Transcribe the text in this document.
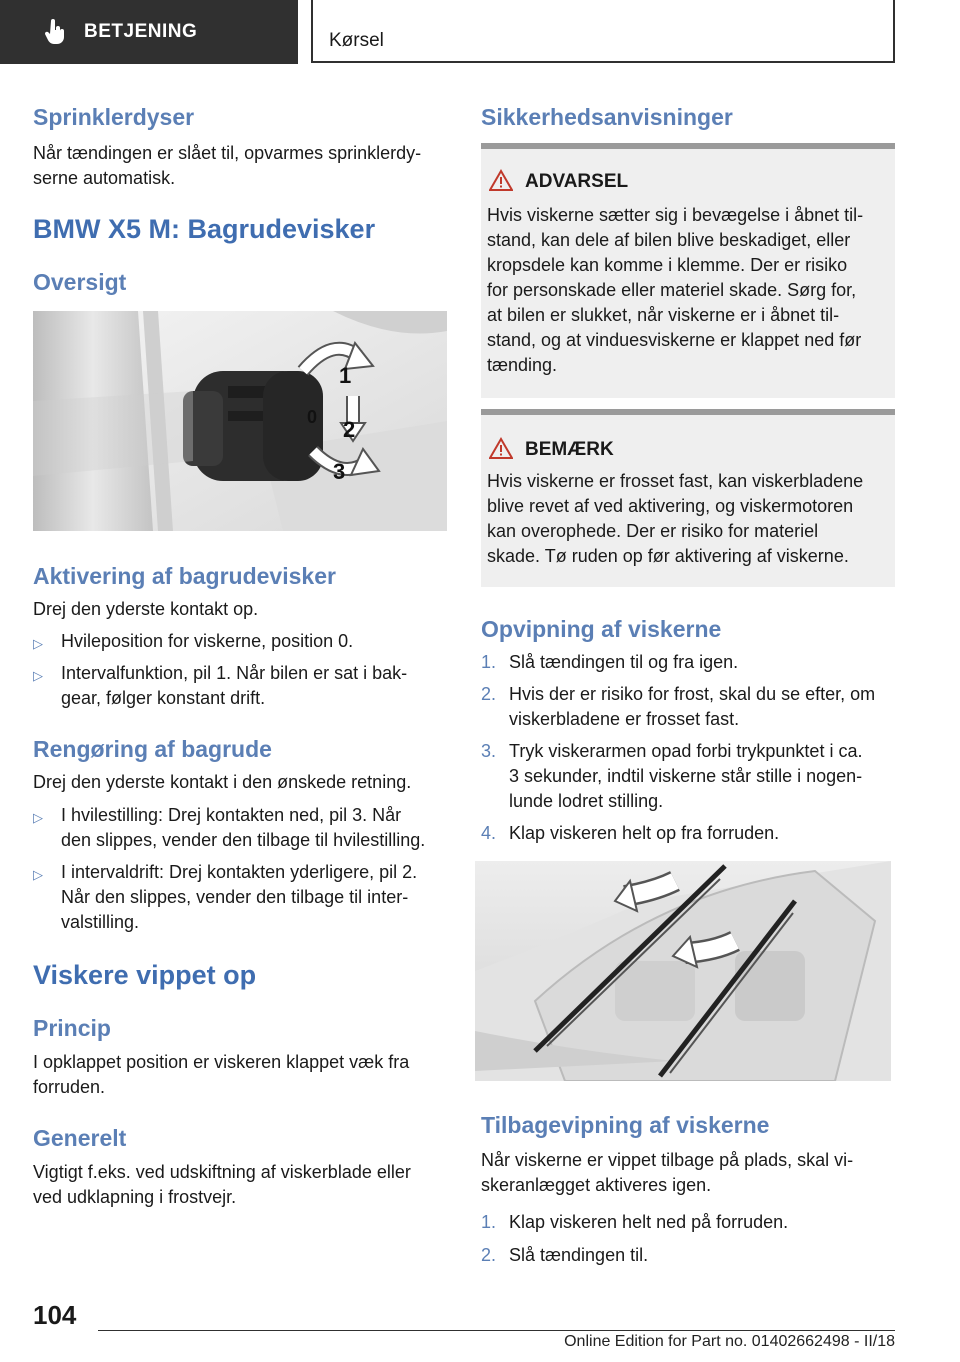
BETJENING	Kørsel
Sprinklerdyser
Når tændingen er slået til, opvarmes sprinklerdy-
serne automatisk.
BMW X5 M: Bagrudevisker
Oversigt
1
0 2
3
Aktivering af bagrudevisker
Drej den yderste kontakt op.
▷ Hvileposition for viskerne, position 0.
▷ Intervalfunktion, pil 1. Når bilen er sat i bak-
gear, følger konstant drift.
Rengøring af bagrude
Drej den yderste kontakt i den ønskede retning.
▷ I hvilestilling: Drej kontakten ned, pil 3. Når
den slippes, vender den tilbage til hvilestilling.
▷ I intervaldrift: Drej kontakten yderligere, pil 2.
Når den slippes, vender den tilbage til inter-
valstilling.
Viskere vippet op
Princip
I opklappet position er viskeren klappet væk fra
forruden.
Generelt
Vigtigt f.eks. ved udskiftning af viskerblade eller
ved udklapning i frostvejr.
Sikkerhedsanvisninger
ADVARSEL
Hvis viskerne sætter sig i bevægelse i åbnet til-
stand, kan dele af bilen blive beskadiget, eller
kropsdele kan komme i klemme. Der er risiko
for personskade eller materiel skade. Sørg for,
at bilen er slukket, når viskerne er i åbnet til-
stand, og at vinduesviskerne er klappet ned før
tænding.
BEMÆRK
Hvis viskerne er frosset fast, kan viskerbladene
blive revet af ved aktivering, og viskermotoren
kan overophede. Der er risiko for materiel
skade. Tø ruden op før aktivering af viskerne.
Opvipning af viskerne
1. Slå tændingen til og fra igen.
2. Hvis der er risiko for frost, skal du se efter, om
viskerbladene er frosset fast.
3. Tryk viskerarmen opad forbi trykpunktet i ca.
3 sekunder, indtil viskerne står stille i nogen-
lunde lodret stilling.
4. Klap viskeren helt op fra forruden.
Tilbagevipning af viskerne
Når viskerne er vippet tilbage på plads, skal vi-
skeranlægget aktiveres igen.
1. Klap viskeren helt ned på forruden.
2. Slå tændingen til.
104
Online Edition for Part no. 01402662498 - II/18
